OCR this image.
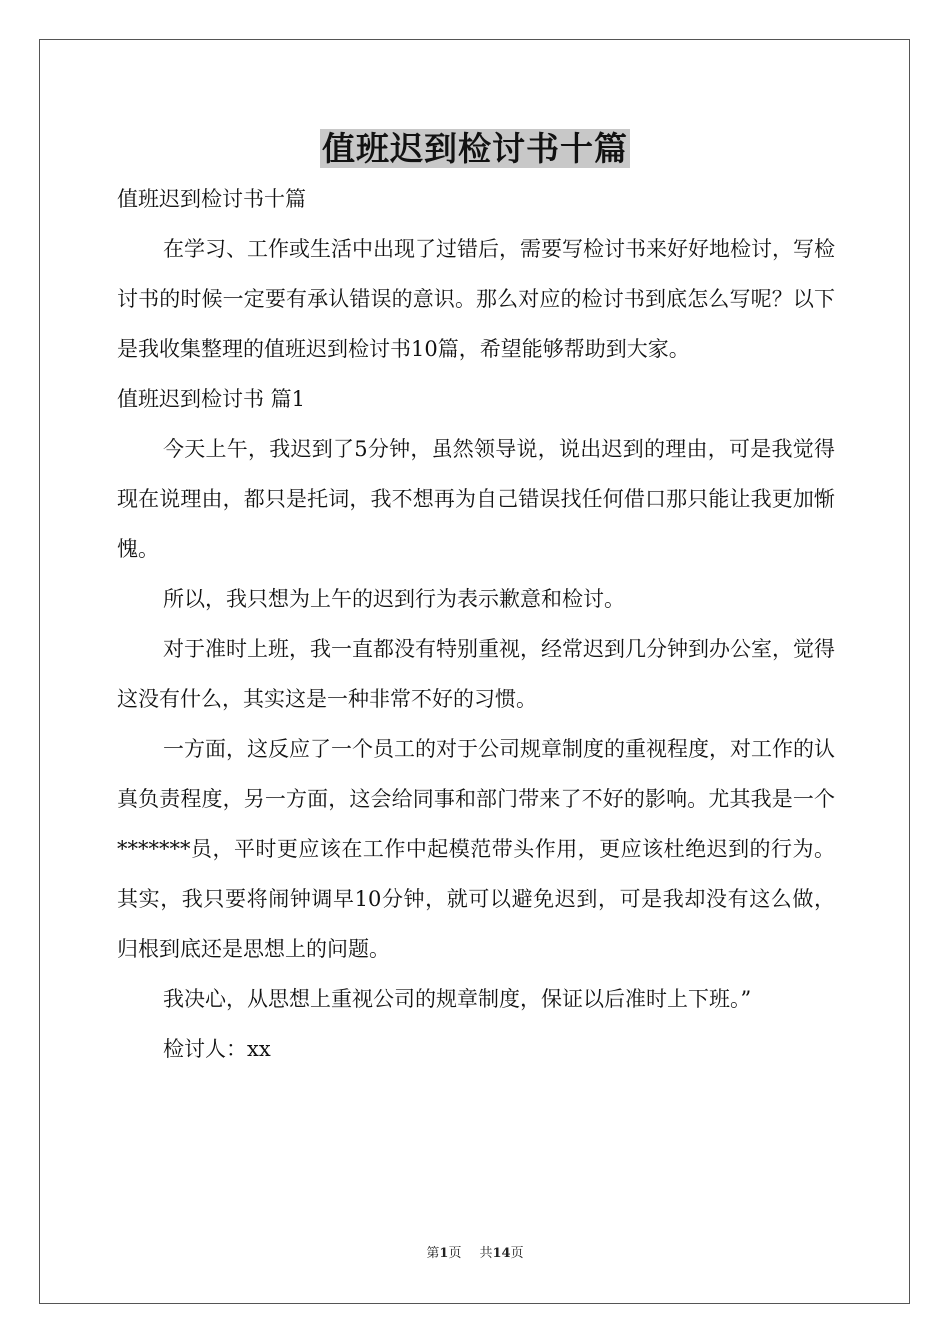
值班迟到检讨书十篇

值班迟到检讨书十篇

在学习、工作或生活中出现了过错后，需要写检讨书来好好地检讨，写检讨书的时候一定要有承认错误的意识。那么对应的检讨书到底怎么写呢？以下是我收集整理的值班迟到检讨书10篇，希望能够帮助到大家。

值班迟到检讨书 篇1

今天上午，我迟到了5分钟，虽然领导说，说出迟到的理由，可是我觉得现在说理由，都只是托词，我不想再为自己错误找任何借口那只能让我更加惭愧。

所以，我只想为上午的迟到行为表示歉意和检讨。

对于准时上班，我一直都没有特别重视，经常迟到几分钟到办公室，觉得这没有什么，其实这是一种非常不好的习惯。

一方面，这反应了一个员工的对于公司规章制度的重视程度，对工作的认真负责程度，另一方面，这会给同事和部门带来了不好的影响。尤其我是一个*******员，平时更应该在工作中起模范带头作用，更应该杜绝迟到的行为。其实，我只要将闹钟调早10分钟，就可以避免迟到，可是我却没有这么做，归根到底还是思想上的问题。

我决心，从思想上重视公司的规章制度，保证以后准时上下班。”

检讨人：xx

第1页 共14页
